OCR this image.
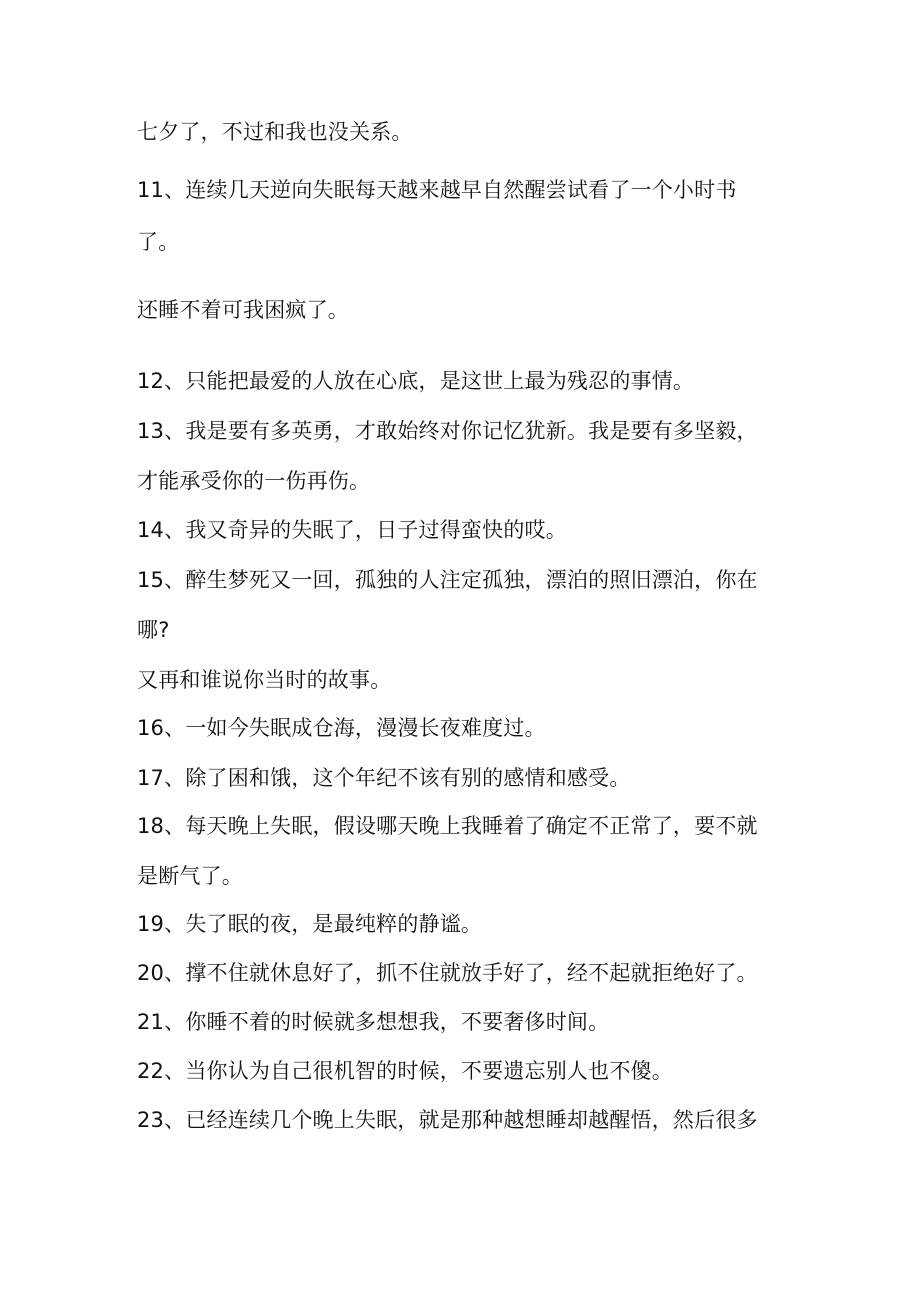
七夕了，不过和我也没关系。
11、连续几天逆向失眠每天越来越早自然醒尝试看了一个小时书
了。
还睡不着可我困疯了。
12、只能把最爱的人放在心底，是这世上最为残忍的事情。
13、我是要有多英勇，才敢始终对你记忆犹新。我是要有多坚毅，
才能承受你的一伤再伤。
14、我又奇异的失眠了，日子过得蛮快的哎。
15、醉生梦死又一回，孤独的人注定孤独，漂泊的照旧漂泊，你在
哪?
又再和谁说你当时的故事。
16、一如今失眠成仓海，漫漫长夜难度过。
17、除了困和饿，这个年纪不该有别的感情和感受。
18、每天晚上失眠，假设哪天晚上我睡着了确定不正常了，要不就
是断气了。
19、失了眠的夜，是最纯粹的静谧。
20、撑不住就休息好了，抓不住就放手好了，经不起就拒绝好了。
21、你睡不着的时候就多想想我，不要奢侈时间。
22、当你认为自己很机智的时候，不要遗忘别人也不傻。
23、已经连续几个晚上失眠，就是那种越想睡却越醒悟，然后很多
